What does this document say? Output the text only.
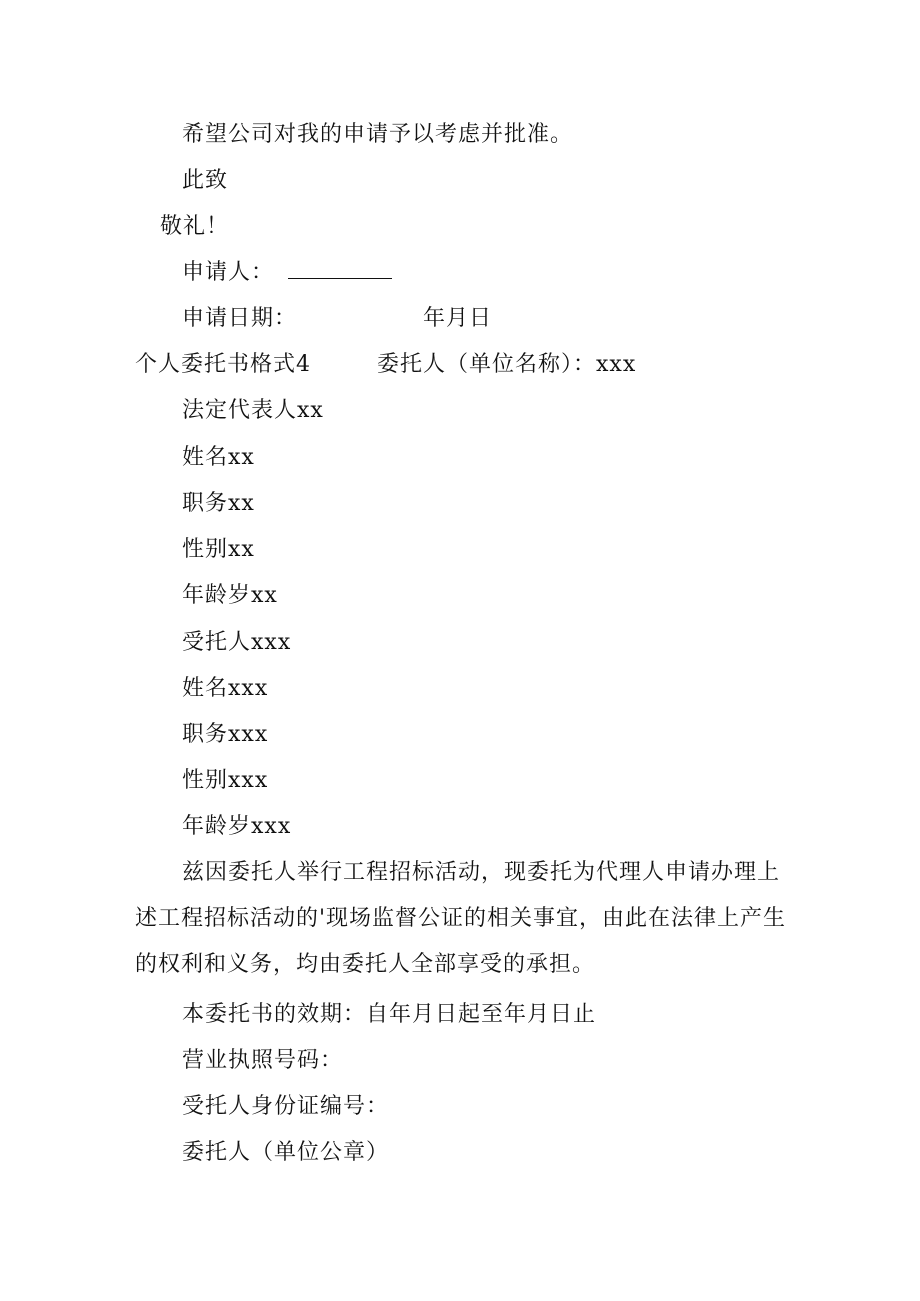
希望公司对我的申请予以考虑并批准。
此致
敬礼！
申请人：
申请日期：	年月日
个人委托书格式4	委托人（单位名称）：xxx
法定代表人xx
姓名xx
职务xx
性别xx
年龄岁xx
受托人xxx
姓名xxx
职务xxx
性别xxx
年龄岁xxx
兹因委托人举行工程招标活动，现委托为代理人申请办理上
述工程招标活动的'现场监督公证的相关事宜，由此在法律上产生
的权利和义务，均由委托人全部享受的承担。
本委托书的效期：自年月日起至年月日止
营业执照号码：
受托人身份证编号：
委托人（单位公章）
